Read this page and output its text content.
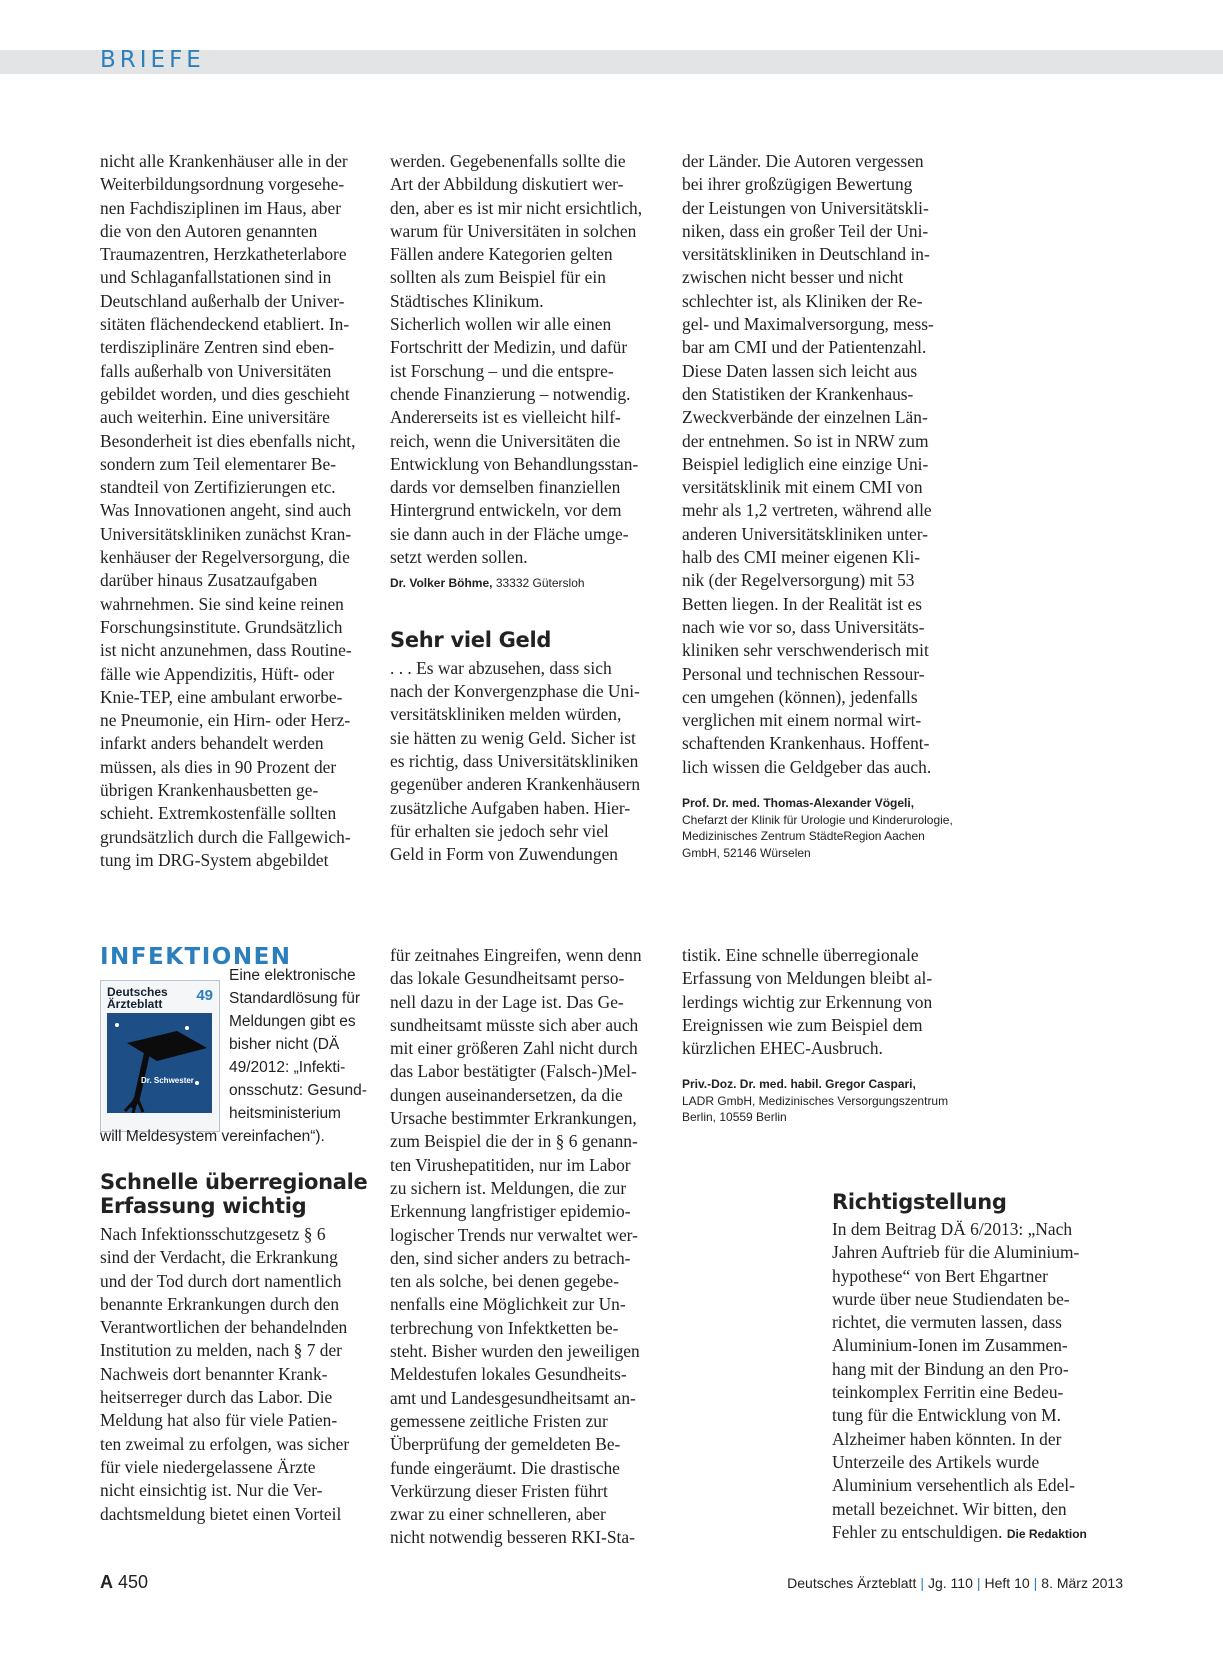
BRIEFE

nicht alle Krankenhäuser alle in der
Weiterbildungsordnung vorgesehe-
nen Fachdisziplinen im Haus, aber
die von den Autoren genannten
Traumazentren, Herzkatheterlabore
und Schlaganfallstationen sind in
Deutschland außerhalb der Univer-
sitäten flächendeckend etabliert. In-
terdisziplinäre Zentren sind eben-
falls außerhalb von Universitäten
gebildet worden, und dies geschieht
auch weiterhin. Eine universitäre
Besonderheit ist dies ebenfalls nicht,
sondern zum Teil elementarer Be-
standteil von Zertifizierungen etc.
Was Innovationen angeht, sind auch
Universitätskliniken zunächst Kran-
kenhäuser der Regelversorgung, die
darüber hinaus Zusatzaufgaben
wahrnehmen. Sie sind keine reinen
Forschungsinstitute. Grundsätzlich
ist nicht anzunehmen, dass Routine-
fälle wie Appendizitis, Hüft- oder
Knie-TEP, eine ambulant erworbe-
ne Pneumonie, ein Hirn- oder Herz-
infarkt anders behandelt werden
müssen, als dies in 90 Prozent der
übrigen Krankenhausbetten ge-
schieht. Extremkostenfälle sollten
grundsätzlich durch die Fallgewich-
tung im DRG-System abgebildet

werden. Gegebenenfalls sollte die
Art der Abbildung diskutiert wer-
den, aber es ist mir nicht ersichtlich,
warum für Universitäten in solchen
Fällen andere Kategorien gelten
sollten als zum Beispiel für ein
Städtisches Klinikum.
Sicherlich wollen wir alle einen
Fortschritt der Medizin, und dafür
ist Forschung – und die entspre-
chende Finanzierung – notwendig.
Andererseits ist es vielleicht hilf-
reich, wenn die Universitäten die
Entwicklung von Behandlungsstan-
dards vor demselben finanziellen
Hintergrund entwickeln, vor dem
sie dann auch in der Fläche umge-
setzt werden sollen.

Dr. Volker Böhme, 33332 Gütersloh

Sehr viel Geld

. . . Es war abzusehen, dass sich
nach der Konvergenzphase die Uni-
versitätskliniken melden würden,
sie hätten zu wenig Geld. Sicher ist
es richtig, dass Universitätskliniken
gegenüber anderen Krankenhäusern
zusätzliche Aufgaben haben. Hier-
für erhalten sie jedoch sehr viel
Geld in Form von Zuwendungen

der Länder. Die Autoren vergessen
bei ihrer großzügigen Bewertung
der Leistungen von Universitätskli-
niken, dass ein großer Teil der Uni-
versitätskliniken in Deutschland in-
zwischen nicht besser und nicht
schlechter ist, als Kliniken der Re-
gel- und Maximalversorgung, mess-
bar am CMI und der Patientenzahl.
Diese Daten lassen sich leicht aus
den Statistiken der Krankenhaus-
Zweckverbände der einzelnen Län-
der entnehmen. So ist in NRW zum
Beispiel lediglich eine einzige Uni-
versitätsklinik mit einem CMI von
mehr als 1,2 vertreten, während alle
anderen Universitätskliniken unter-
halb des CMI meiner eigenen Kli-
nik (der Regelversorgung) mit 53
Betten liegen. In der Realität ist es
nach wie vor so, dass Universitäts-
kliniken sehr verschwenderisch mit
Personal und technischen Ressour-
cen umgehen (können), jedenfalls
verglichen mit einem normal wirt-
schaftenden Krankenhaus. Hoffent-
lich wissen die Geldgeber das auch.

Prof. Dr. med. Thomas-Alexander Vögeli,
Chefarzt der Klinik für Urologie und Kinderurologie,
Medizinisches Zentrum StädteRegion Aachen
GmbH, 52146 Würselen

INFEKTIONEN
Deutsches
Ärzteblatt	49
Dr. Schwester

Eine elektronische
Standardlösung für
Meldungen gibt es
bisher nicht (DÄ
49/2012: „Infekti-
onsschutz: Gesund-
heitsministerium

will Meldesystem vereinfachen“).

Schnelle überregionale
Erfassung wichtig

Nach Infektionsschutzgesetz § 6
sind der Verdacht, die Erkrankung
und der Tod durch dort namentlich
benannte Erkrankungen durch den
Verantwortlichen der behandelnden
Institution zu melden, nach § 7 der
Nachweis dort benannter Krank-
heitserreger durch das Labor. Die
Meldung hat also für viele Patien-
ten zweimal zu erfolgen, was sicher
für viele niedergelassene Ärzte
nicht einsichtig ist. Nur die Ver-
dachtsmeldung bietet einen Vorteil

für zeitnahes Eingreifen, wenn denn
das lokale Gesundheitsamt perso-
nell dazu in der Lage ist. Das Ge-
sundheitsamt müsste sich aber auch
mit einer größeren Zahl nicht durch
das Labor bestätigter (Falsch-)Mel-
dungen auseinandersetzen, da die
Ursache bestimmter Erkrankungen,
zum Beispiel die der in § 6 genann-
ten Virushepatitiden, nur im Labor
zu sichern ist. Meldungen, die zur
Erkennung langfristiger epidemio-
logischer Trends nur verwaltet wer-
den, sind sicher anders zu betrach-
ten als solche, bei denen gegebe-
nenfalls eine Möglichkeit zur Un-
terbrechung von Infektketten be-
steht. Bisher wurden den jeweiligen
Meldestufen lokales Gesundheits-
amt und Landesgesundheitsamt an-
gemessene zeitliche Fristen zur
Überprüfung der gemeldeten Be-
funde eingeräumt. Die drastische
Verkürzung dieser Fristen führt
zwar zu einer schnelleren, aber
nicht notwendig besseren RKI-Sta-

tistik. Eine schnelle überregionale
Erfassung von Meldungen bleibt al-
lerdings wichtig zur Erkennung von
Ereignissen wie zum Beispiel dem
kürzlichen EHEC-Ausbruch.

Priv.-Doz. Dr. med. habil. Gregor Caspari,
LADR GmbH, Medizinisches Versorgungszentrum
Berlin, 10559 Berlin

Richtigstellung

In dem Beitrag DÄ 6/2013: „Nach
Jahren Auftrieb für die Aluminium-
hypothese“ von Bert Ehgartner
wurde über neue Studiendaten be-
richtet, die vermuten lassen, dass
Aluminium-Ionen im Zusammen-
hang mit der Bindung an den Pro-
teinkomplex Ferritin eine Bedeu-
tung für die Entwicklung von M.
Alzheimer haben könnten. In der
Unterzeile des Artikels wurde
Aluminium versehentlich als Edel-
metall bezeichnet. Wir bitten, den

Fehler zu entschuldigen. Die Redaktion

A 450	Deutsches Ärzteblatt | Jg. 110 | Heft 10 | 8. März 2013
